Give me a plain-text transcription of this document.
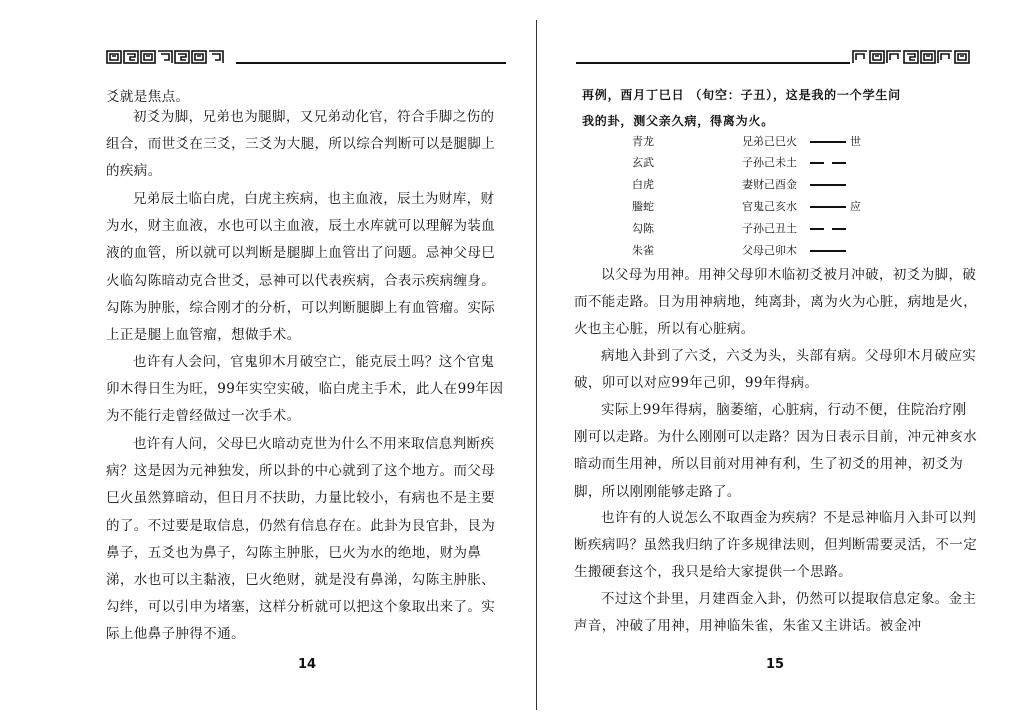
爻就是焦点。

初爻为脚，兄弟也为腿脚，又兄弟动化官，符合手脚之伤的组合，而世爻在三爻，三爻为大腿，所以综合判断可以是腿脚上的疾病。

兄弟辰土临白虎，白虎主疾病，也主血液，辰土为财库，财为水，财主血液，水也可以主血液，辰土水库就可以理解为装血液的血管，所以就可以判断是腿脚上血管出了问题。忌神父母巳火临勾陈暗动克合世爻，忌神可以代表疾病，合表示疾病缠身。勾陈为肿胀，综合刚才的分析，可以判断腿脚上有血管瘤。实际上正是腿上血管瘤，想做手术。

也许有人会问，官鬼卯木月破空亡，能克辰土吗？这个官鬼卯木得日生为旺，99年实空实破，临白虎主手术，此人在99年因为不能行走曾经做过一次手术。

也许有人问，父母巳火暗动克世为什么不用来取信息判断疾病？这是因为元神独发，所以卦的中心就到了这个地方。而父母巳火虽然算暗动，但日月不扶助，力量比较小，有病也不是主要的了。不过要是取信息，仍然有信息存在。此卦为艮官卦，艮为鼻子，五爻也为鼻子，勾陈主肿胀，巳火为水的绝地，财为鼻涕，水也可以主黏液，巳火绝财，就是没有鼻涕，勾陈主肿胀、勾绊，可以引申为堵塞，这样分析就可以把这个象取出来了。实际上他鼻子肿得不通。

14
再例，酉月丁巳日 （旬空：子丑），这是我的一个学生问
我的卦，测父亲久病，得离为火。
青龙	兄弟己巳火	世
玄武	子孙己未土
白虎	妻财己酉金
螣蛇	官鬼己亥水	应
勾陈	子孙己丑土
朱雀	父母己卯木

以父母为用神。用神父母卯木临初爻被月冲破，初爻为脚，破而不能走路。日为用神病地，纯离卦，离为火为心脏，病地是火，火也主心脏，所以有心脏病。

病地入卦到了六爻，六爻为头，头部有病。父母卯木月破应实破，卯可以对应99年己卯，99年得病。

实际上99年得病，脑萎缩，心脏病，行动不便，住院治疗刚刚可以走路。为什么刚刚可以走路？因为日表示目前，冲元神亥水暗动而生用神，所以目前对用神有利，生了初爻的用神，初爻为脚，所以刚刚能够走路了。

也许有的人说怎么不取酉金为疾病？不是忌神临月入卦可以判断疾病吗？虽然我归纳了许多规律法则，但判断需要灵活，不一定生搬硬套这个，我只是给大家提供一个思路。

不过这个卦里，月建酉金入卦，仍然可以提取信息定象。金主声音，冲破了用神，用神临朱雀，朱雀又主讲话。被金冲

15
